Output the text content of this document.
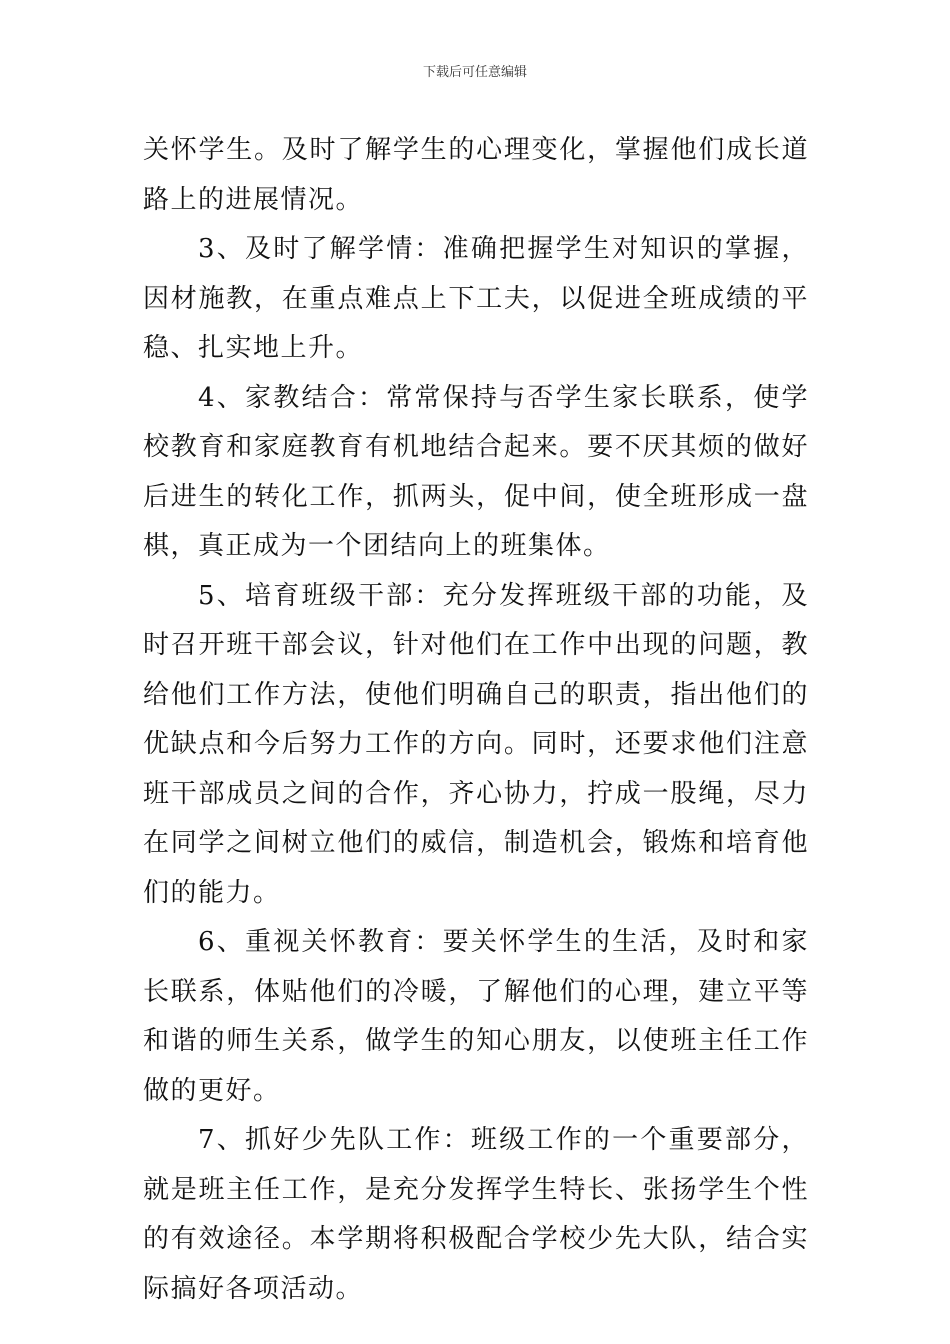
下载后可任意编辑

关怀学生。及时了解学生的心理变化，掌握他们成长道路上的进展情况。

3、及时了解学情：准确把握学生对知识的掌握，因材施教，在重点难点上下工夫，以促进全班成绩的平稳、扎实地上升。

4、家教结合：常常保持与否学生家长联系，使学校教育和家庭教育有机地结合起来。要不厌其烦的做好后进生的转化工作，抓两头，促中间，使全班形成一盘棋，真正成为一个团结向上的班集体。

5、培育班级干部：充分发挥班级干部的功能，及时召开班干部会议，针对他们在工作中出现的问题，教给他们工作方法，使他们明确自己的职责，指出他们的优缺点和今后努力工作的方向。同时，还要求他们注意班干部成员之间的合作，齐心协力，拧成一股绳，尽力在同学之间树立他们的威信，制造机会，锻炼和培育他们的能力。

6、重视关怀教育：要关怀学生的生活，及时和家长联系，体贴他们的冷暖，了解他们的心理，建立平等和谐的师生关系，做学生的知心朋友，以使班主任工作做的更好。

7、抓好少先队工作：班级工作的一个重要部分，就是班主任工作，是充分发挥学生特长、张扬学生个性的有效途径。本学期将积极配合学校少先大队，结合实际搞好各项活动。
